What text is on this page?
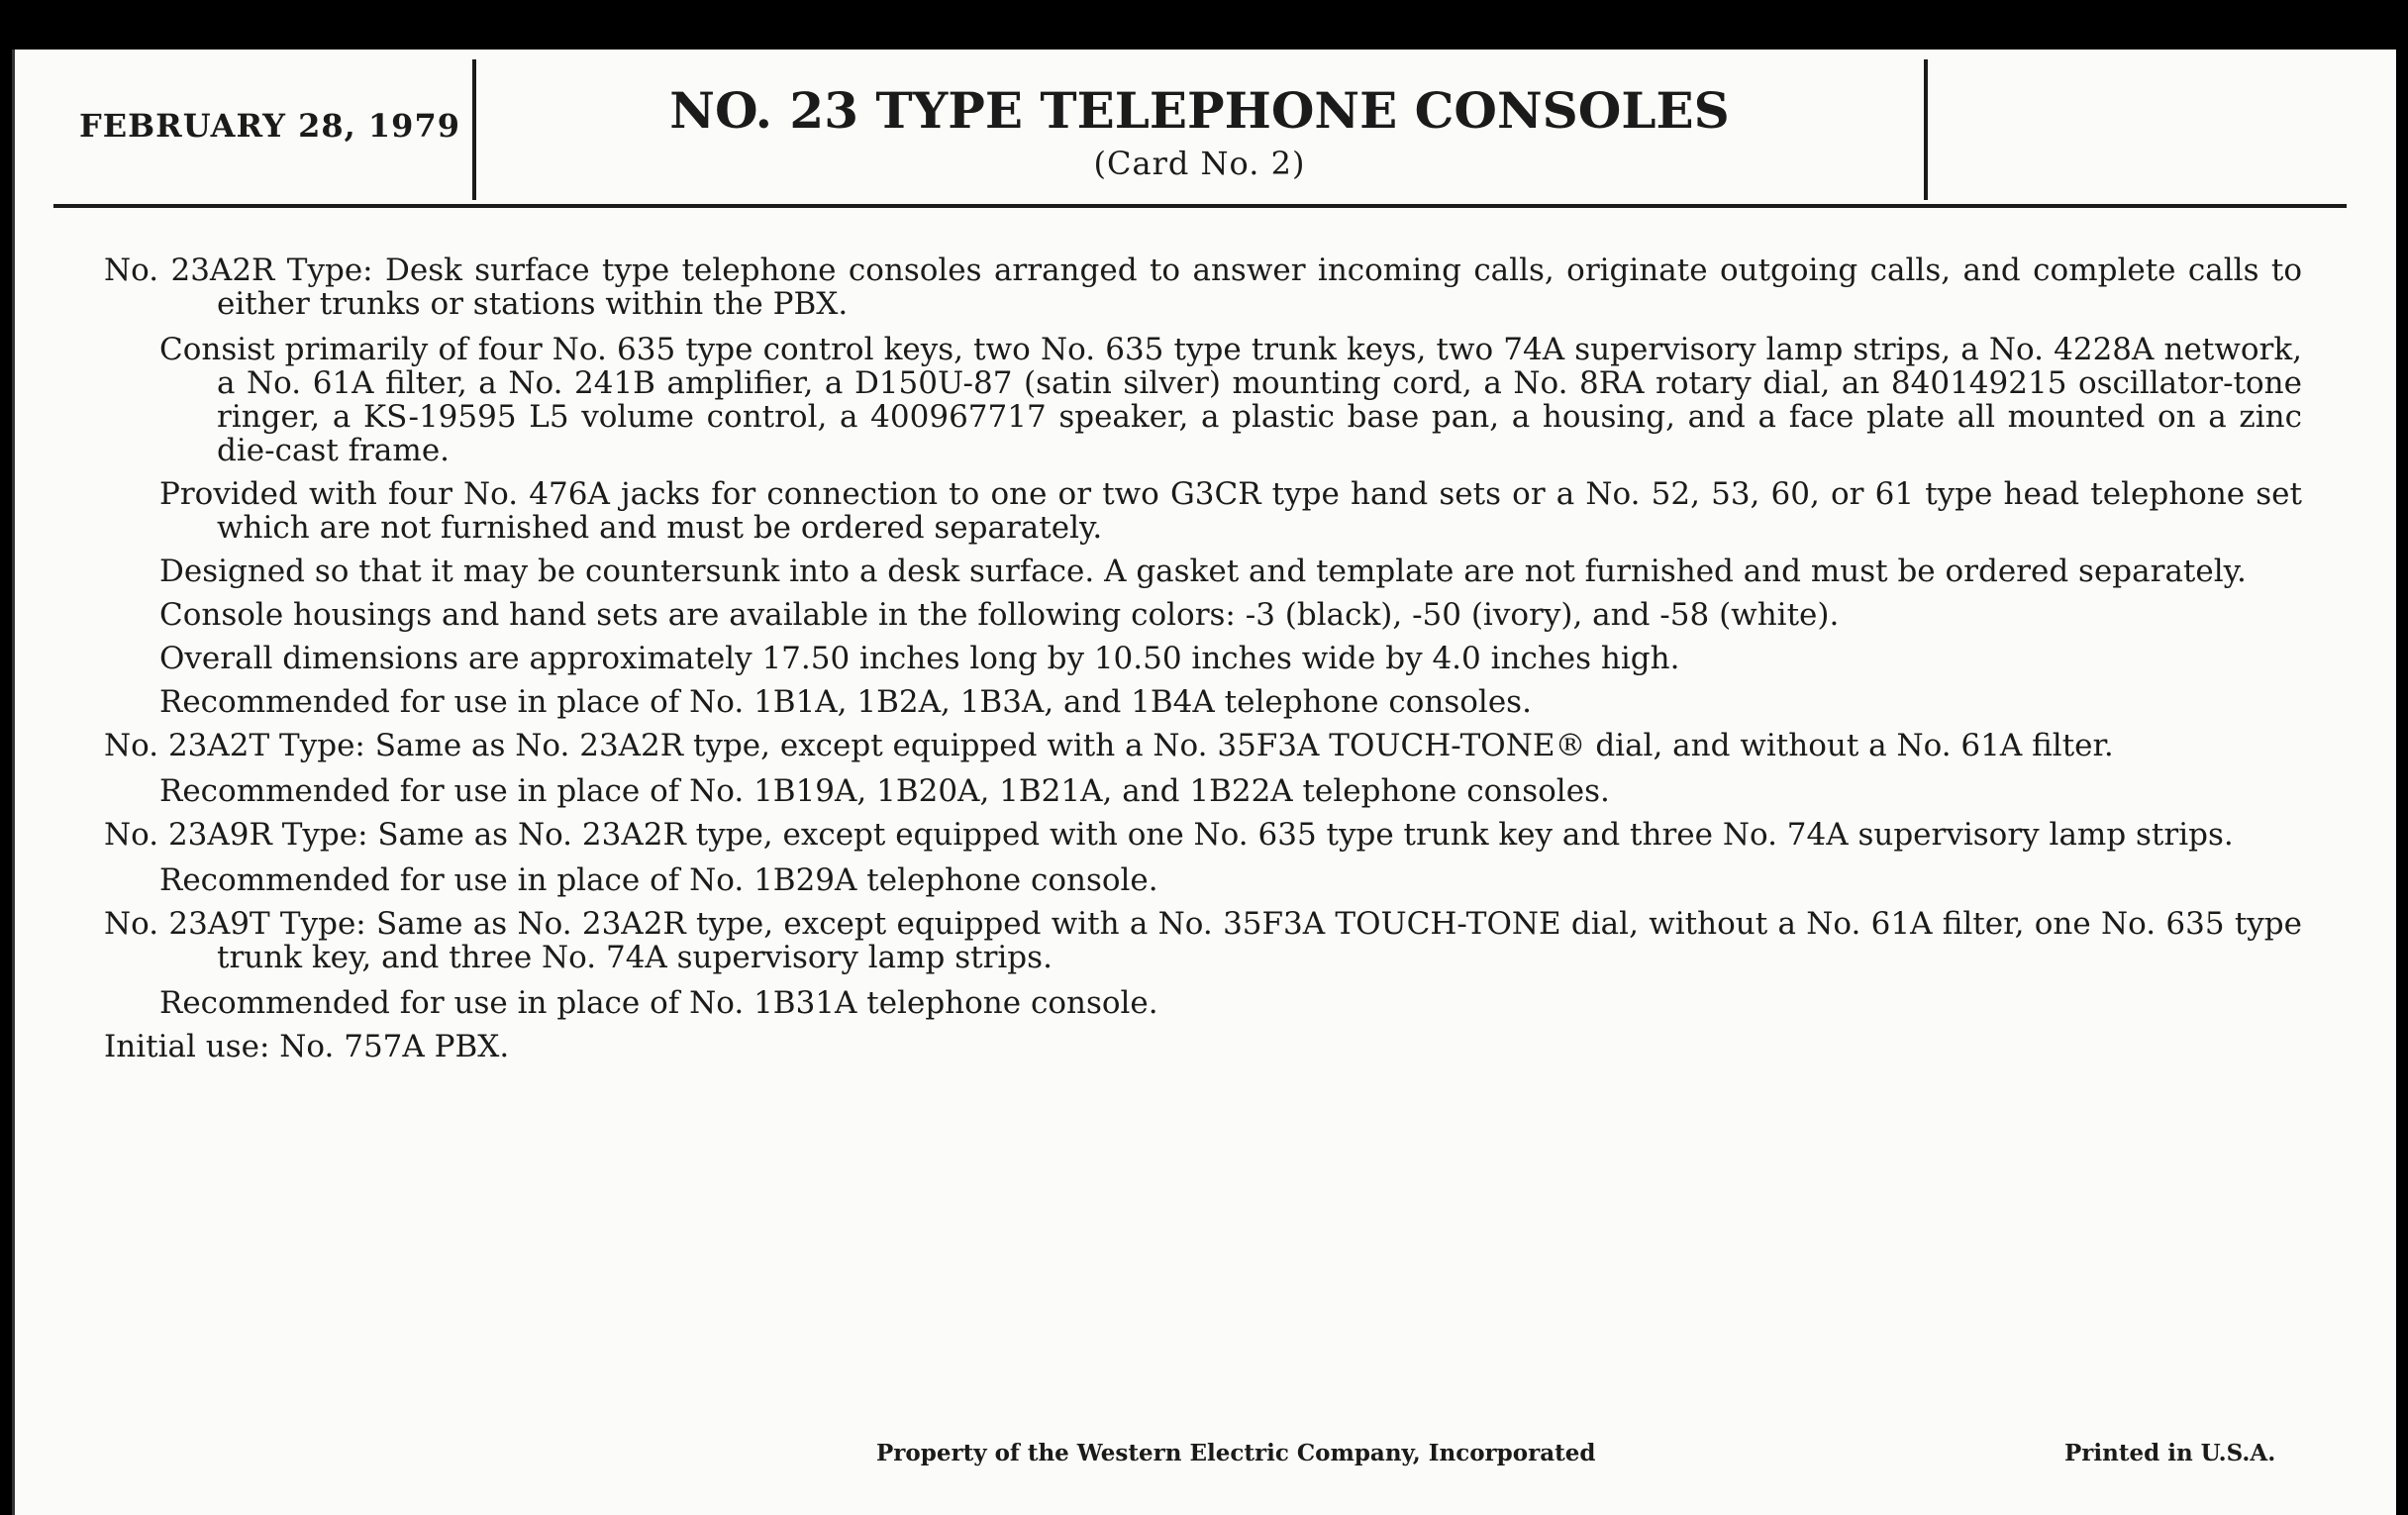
FEBRUARY 28, 1979	NO. 23 TYPE TELEPHONE CONSOLES
(Card No. 2)

No. 23A2R Type: Desk surface type telephone consoles arranged to answer incoming calls, originate outgoing calls, and complete calls to either trunks or stations within the PBX.

Consist primarily of four No. 635 type control keys, two No. 635 type trunk keys, two 74A supervisory lamp strips, a No. 4228A network, a No. 61A filter, a No. 241B amplifier, a D150U-87 (satin silver) mounting cord, a No. 8RA rotary dial, an 840149215 oscillator-tone ringer, a KS-19595 L5 volume control, a 400967717 speaker, a plastic base pan, a housing, and a face plate all mounted on a zinc die-cast frame.

Provided with four No. 476A jacks for connection to one or two G3CR type hand sets or a No. 52, 53, 60, or 61 type head telephone set which are not furnished and must be ordered separately.

Designed so that it may be countersunk into a desk surface. A gasket and template are not furnished and must be ordered separately.

Console housings and hand sets are available in the following colors: -3 (black), -50 (ivory), and -58 (white).

Overall dimensions are approximately 17.50 inches long by 10.50 inches wide by 4.0 inches high.

Recommended for use in place of No. 1B1A, 1B2A, 1B3A, and 1B4A telephone consoles.

No. 23A2T Type: Same as No. 23A2R type, except equipped with a No. 35F3A TOUCH-TONE® dial, and without a No. 61A filter.

Recommended for use in place of No. 1B19A, 1B20A, 1B21A, and 1B22A telephone consoles.

No. 23A9R Type: Same as No. 23A2R type, except equipped with one No. 635 type trunk key and three No. 74A supervisory lamp strips.

Recommended for use in place of No. 1B29A telephone console.

No. 23A9T Type: Same as No. 23A2R type, except equipped with a No. 35F3A TOUCH-TONE dial, without a No. 61A filter, one No. 635 type trunk key, and three No. 74A supervisory lamp strips.

Recommended for use in place of No. 1B31A telephone console.

Initial use: No. 757A PBX.

Property of the Western Electric Company, Incorporated	Printed in U.S.A.
